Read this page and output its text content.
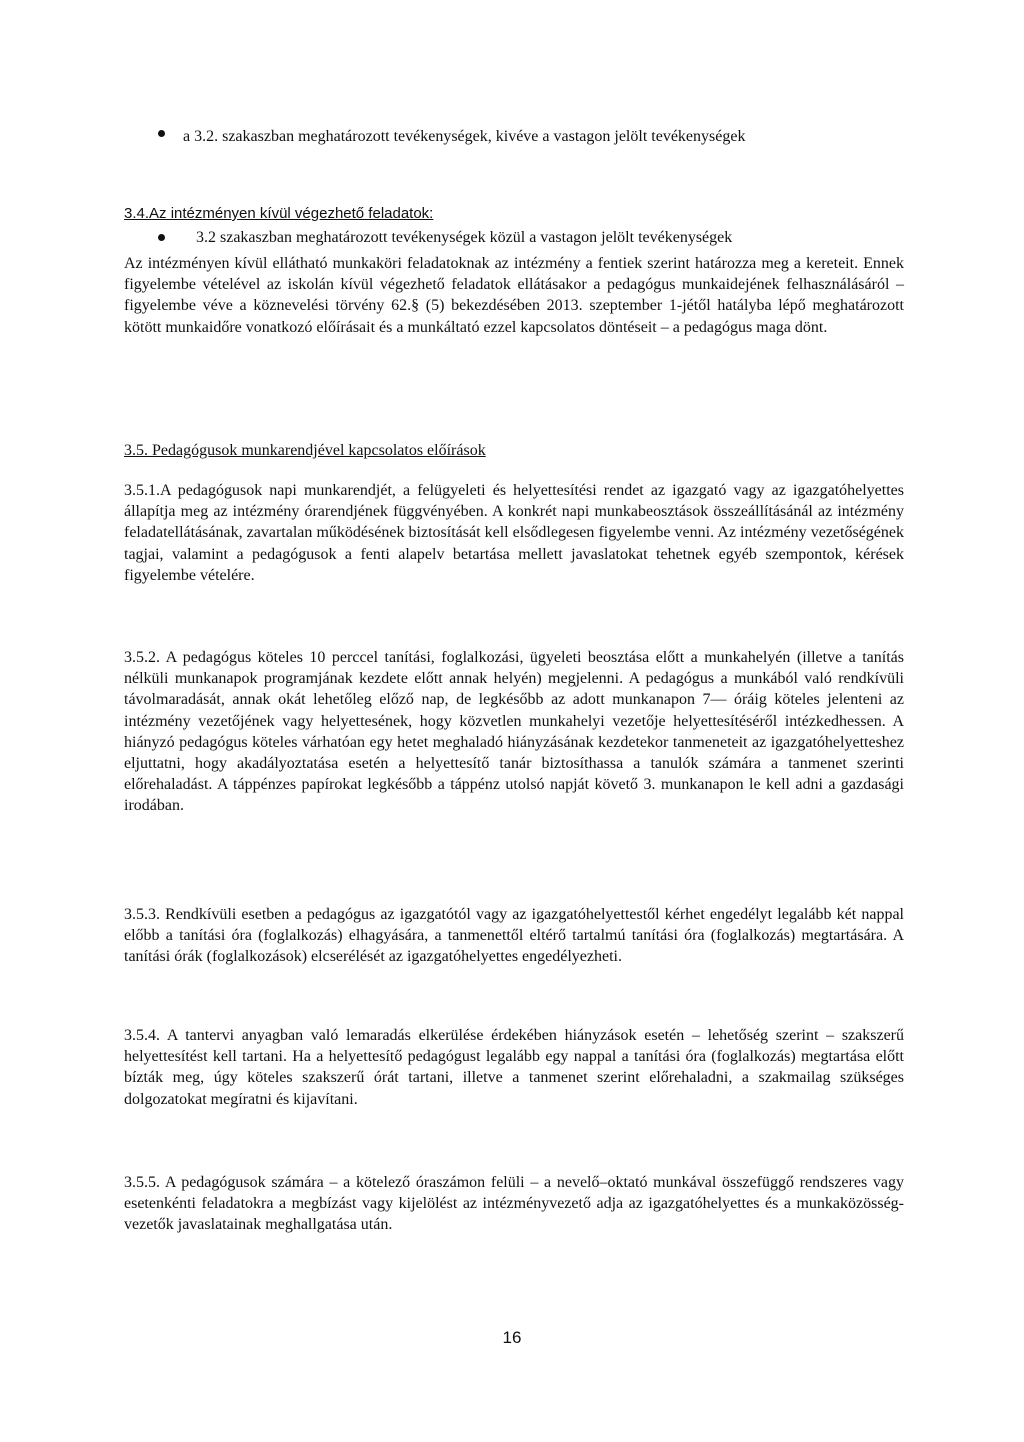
a 3.2. szakaszban meghatározott tevékenységek, kivéve a vastagon jelölt tevékenységek
3.4.Az intézményen kívül végezhető feladatok:
3.2 szakaszban meghatározott tevékenységek közül a vastagon jelölt tevékenységek
Az intézményen kívül ellátható munkaköri feladatoknak az intézmény a fentiek szerint határozza meg a kereteit. Ennek figyelembe vételével az iskolán kívül végezhető feladatok ellátásakor a pedagógus munkaidejének felhasználásáról – figyelembe véve a köznevelési törvény 62.§ (5) bekezdésében 2013. szeptember 1-jétől hatályba lépő meghatározott kötött munkaidőre vonatkozó előírásait és a munkáltató ezzel kapcsolatos döntéseit – a pedagógus maga dönt.
3.5. Pedagógusok munkarendjével kapcsolatos előírások
3.5.1.A pedagógusok napi munkarendjét, a felügyeleti és helyettesítési rendet az igazgató vagy az igazgatóhelyettes állapítja meg az intézmény órarendjének függvényében. A konkrét napi munkabeosztások összeállításánál az intézmény feladatellátásának, zavartalan működésének biztosítását kell elsődlegesen figyelembe venni. Az intézmény vezetőségének tagjai, valamint a pedagógusok a fenti alapelv betartása mellett javaslatokat tehetnek egyéb szempontok, kérések figyelembe vételére.
3.5.2. A pedagógus köteles 10 perccel tanítási, foglalkozási, ügyeleti beosztása előtt a munkahelyén (illetve a tanítás nélküli munkanapok programjának kezdete előtt annak helyén) megjelenni. A pedagógus a munkából való rendkívüli távolmaradását, annak okát lehetőleg előző nap, de legkésőbb az adott munkanapon 7— óráig köteles jelenteni az intézmény vezetőjének vagy helyettesének, hogy közvetlen munkahelyi vezetője helyettesítéséről intézkedhessen. A hiányzó pedagógus köteles várhatóan egy hetet meghaladó hiányzásának kezdetekor tanmeneteit az igazgatóhelyetteshez eljuttatni, hogy akadályoztatása esetén a helyettesítő tanár biztosíthassa a tanulók számára a tanmenet szerinti előrehaladást. A táppénzes papírokat legkésőbb a táppénz utolsó napját követő 3. munkanapon le kell adni a gazdasági irodában.
3.5.3. Rendkívüli esetben a pedagógus az igazgatótól vagy az igazgatóhelyettestől kérhet engedélyt legalább két nappal előbb a tanítási óra (foglalkozás) elhagyására, a tanmenettől eltérő tartalmú tanítási óra (foglalkozás) megtartására. A tanítási órák (foglalkozások) elcserélését az igazgatóhelyettes engedélyezheti.
3.5.4. A tantervi anyagban való lemaradás elkerülése érdekében hiányzások esetén – lehetőség szerint – szakszerű helyettesítést kell tartani. Ha a helyettesítő pedagógust legalább egy nappal a tanítási óra (foglalkozás) megtartása előtt bízták meg, úgy köteles szakszerű órát tartani, illetve a tanmenet szerint előrehaladni, a szakmailag szükséges dolgozatokat megíratni és kijavítani.
3.5.5. A pedagógusok számára – a kötelező óraszámon felüli – a nevelő–oktató munkával összefüggő rendszeres vagy esetenkénti feladatokra a megbízást vagy kijelölést az intézményvezető adja az igazgatóhelyettes és a munkaközösség-vezetők javaslatainak meghallgatása után.
16
